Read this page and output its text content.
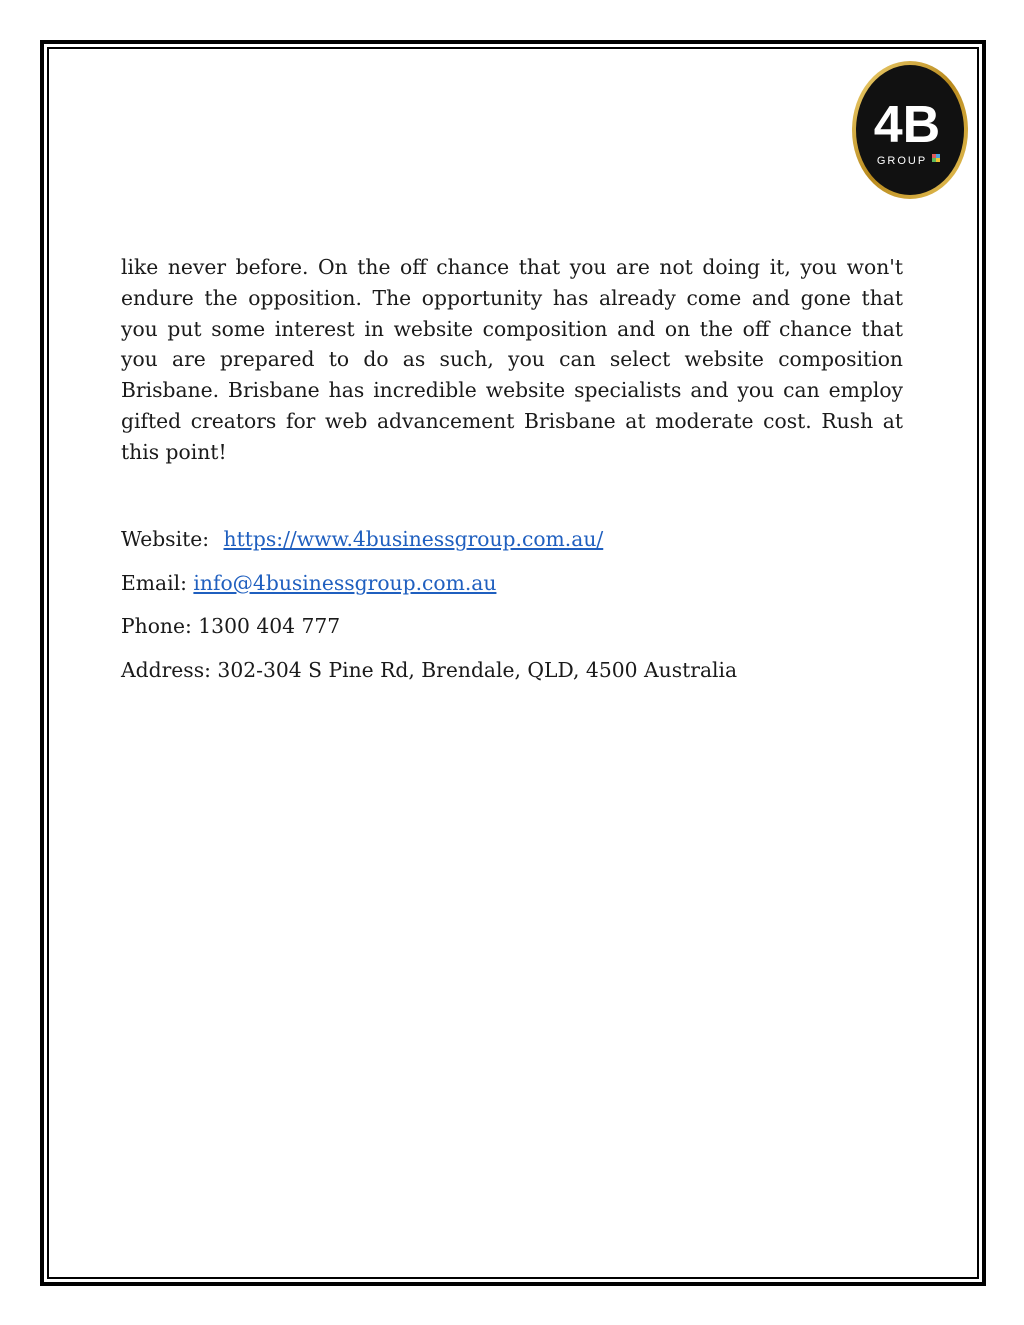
4B
GROUP

like never before. On the off chance that you are not doing it, you won't endure the opposition. The opportunity has already come and gone that you put some interest in website composition and on the off chance that you are prepared to do as such, you can select website composition Brisbane. Brisbane has incredible website specialists and you can employ gifted creators for web advancement Brisbane at moderate cost. Rush at this point!

Website: https://www.4businessgroup.com.au/

Email: info@4businessgroup.com.au

Phone: 1300 404 777

Address: 302-304 S Pine Rd, Brendale, QLD, 4500 Australia
